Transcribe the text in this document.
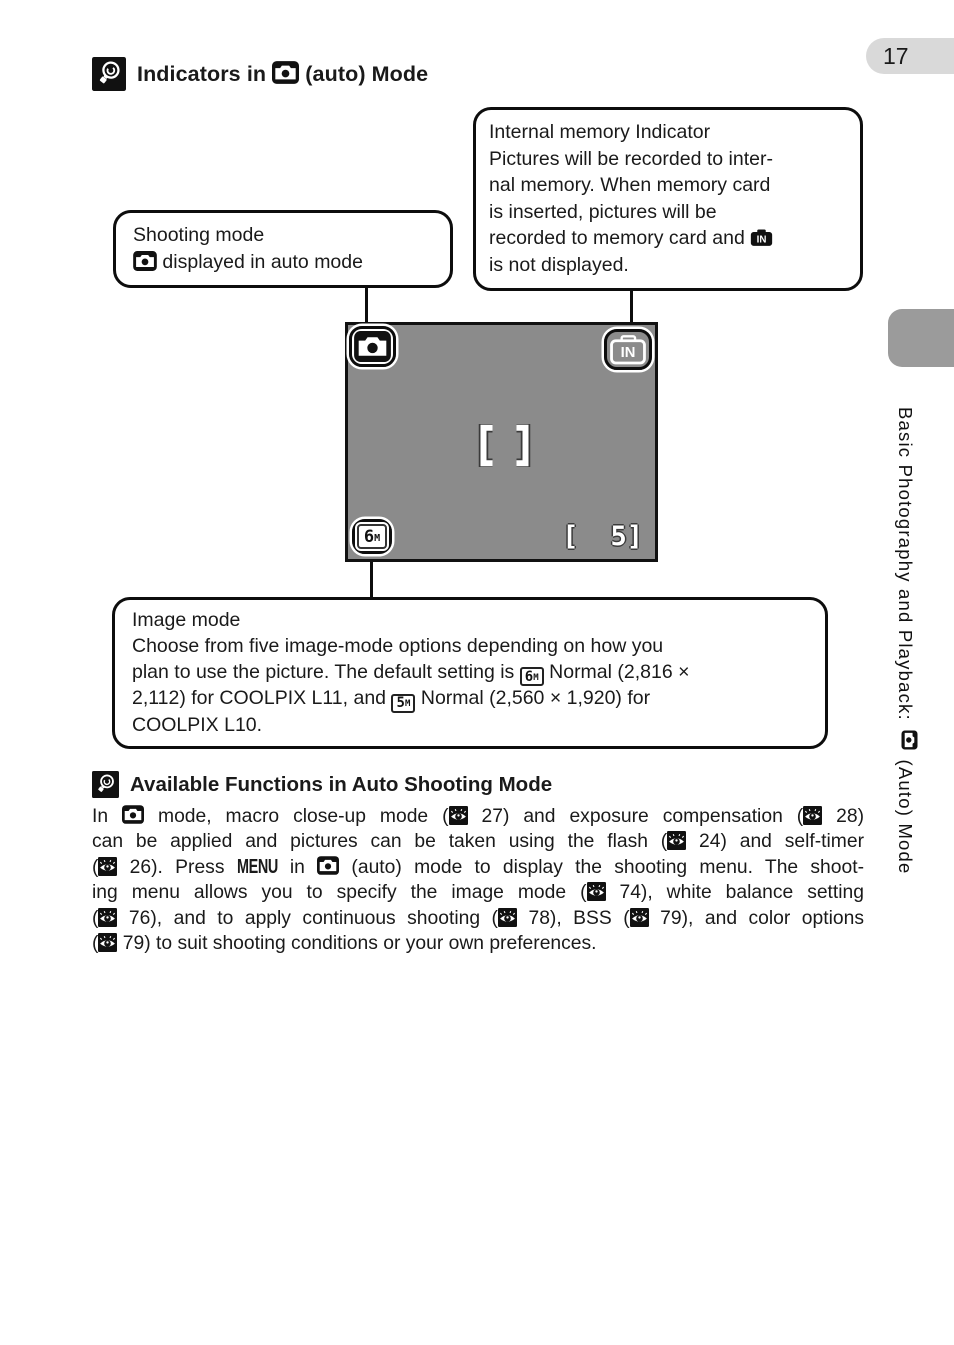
17
Indicators in
(auto) Mode
Internal memory Indicator
Pictures will be recorded to inter-
nal memory. When memory card
is inserted, pictures will be
recorded to memory card and IN
is not displayed.
Shooting mode
displayed in auto mode
IN
6 M	[ 5]
Image mode
Choose from five image-mode options depending on how you
plan to use the picture. The default setting is 6 M Normal (2,816 ×
2,112) for COOLPIX L11, and 5 M Normal (2,560 × 1,920) for
COOLPIX L10.
Available Functions in Auto Shooting Mode
In
mode, macro close-up mode (
27) and exposure compensation (
28)
can be applied and pictures can be taken using the flash (
24) and self-timer
(
26). Press MENU in
(auto) mode to display the shooting menu. The shoot-
ing menu allows you to specify the image mode (
74), white balance setting
(
76), and to apply continuous shooting (
78), BSS (
79), and color options
(
79) to suit shooting conditions or your own preferences.
Basic Photography and Playback:
(Auto) Mode
